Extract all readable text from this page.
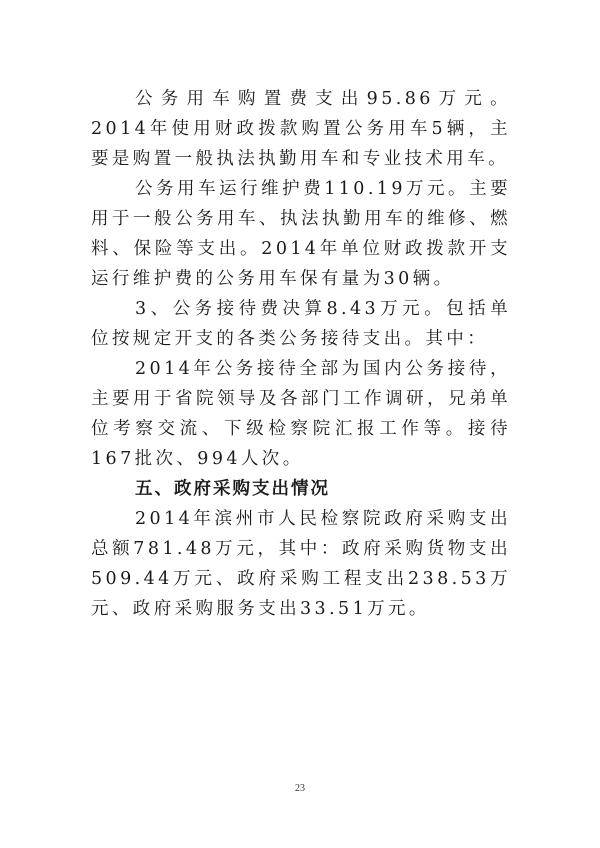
公务用车购置费支出95.86万元。2014年使用财政拨款购置公务用车5辆，主要是购置一般执法执勤用车和专业技术用车。

公务用车运行维护费110.19万元。主要用于一般公务用车、执法执勤用车的维修、燃料、保险等支出。2014年单位财政拨款开支运行维护费的公务用车保有量为30辆。

3、公务接待费决算8.43万元。包括单位按规定开支的各类公务接待支出。其中：

2014年公务接待全部为国内公务接待，主要用于省院领导及各部门工作调研，兄弟单位考察交流、下级检察院汇报工作等。接待167批次、994人次。

五、政府采购支出情况

2014年滨州市人民检察院政府采购支出总额781.48万元，其中：政府采购货物支出509.44万元、政府采购工程支出238.53万元、政府采购服务支出33.51万元。

23
